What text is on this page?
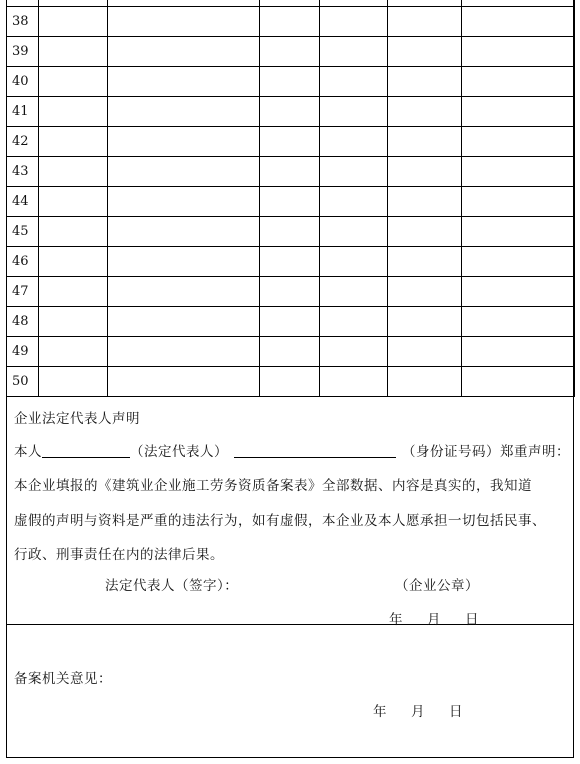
38						
39						
40						
41						
42						
43						
44						
45						
46						
47						
48						
49						
50						
企业法定代表人声明
本人	（法定代表人）	（身份证号码）郑重声明：
本企业填报的《建筑业企业施工劳务资质备案表》全部数据、内容是真实的，我知道
虚假的声明与资料是严重的违法行为，如有虚假，本企业及本人愿承担一切包括民事、
行政、刑事责任在内的法律后果。
法定代表人（签字）：	（企业公章）
年 月 日
备案机关意见：
年 月 日
